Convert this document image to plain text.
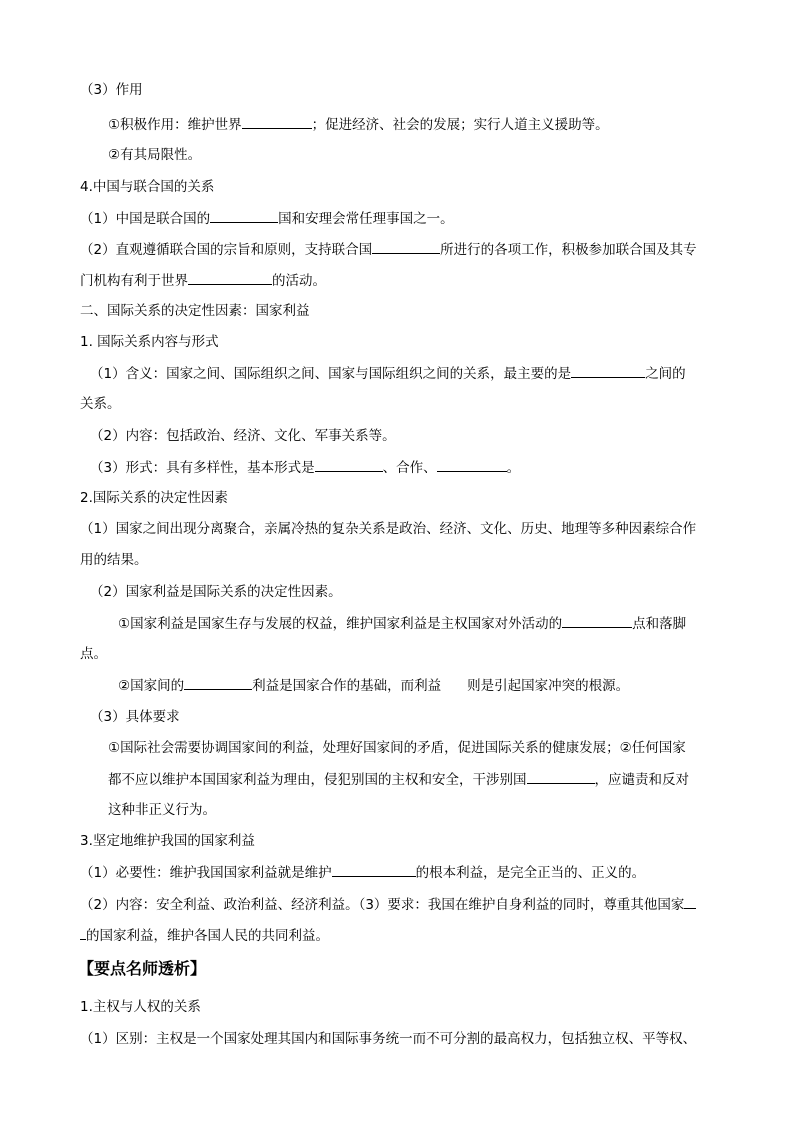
（3）作用
①积极作用：维护世界	；促进经济、社会的发展；实行人道主义援助等。
②有其局限性。
4.中国与联合国的关系
（1）中国是联合国的	国和安理会常任理事国之一。
（2）直观遵循联合国的宗旨和原则，支持联合国	所进行的各项工作，积极参加联合国及其专
门机构有利于世界	的活动。
二、国际关系的决定性因素：国家利益
1. 国际关系内容与形式
（1）含义：国家之间、国际组织之间、国家与国际组织之间的关系，最主要的是	之间的
关系。
（2）内容：包括政治、经济、文化、军事关系等。
（3）形式：具有多样性，基本形式是	、合作、	。
2.国际关系的决定性因素
（1）国家之间出现分离聚合，亲属冷热的复杂关系是政治、经济、文化、历史、地理等多种因素综合作
用的结果。
（2）国家利益是国际关系的决定性因素。
①国家利益是国家生存与发展的权益，维护国家利益是主权国家对外活动的	点和落脚
点。
②国家间的	利益是国家合作的基础，而利益 则是引起国家冲突的根源。
（3）具体要求
①国际社会需要协调国家间的利益，处理好国家间的矛盾，促进国际关系的健康发展；②任何国家
都不应以维护本国国家利益为理由，侵犯别国的主权和安全，干涉别国	，应谴责和反对
这种非正义行为。
3.坚定地维护我国的国家利益
（1）必要性：维护我国国家利益就是维护	的根本利益，是完全正当的、正义的。
（2）内容：安全利益、政治利益、经济利益。（3）要求：我国在维护自身利益的同时，尊重其他国家
的国家利益，维护各国人民的共同利益。
【要点名师透析】
1.主权与人权的关系
（1）区别：主权是一个国家处理其国内和国际事务统一而不可分割的最高权力，包括独立权、平等权、
